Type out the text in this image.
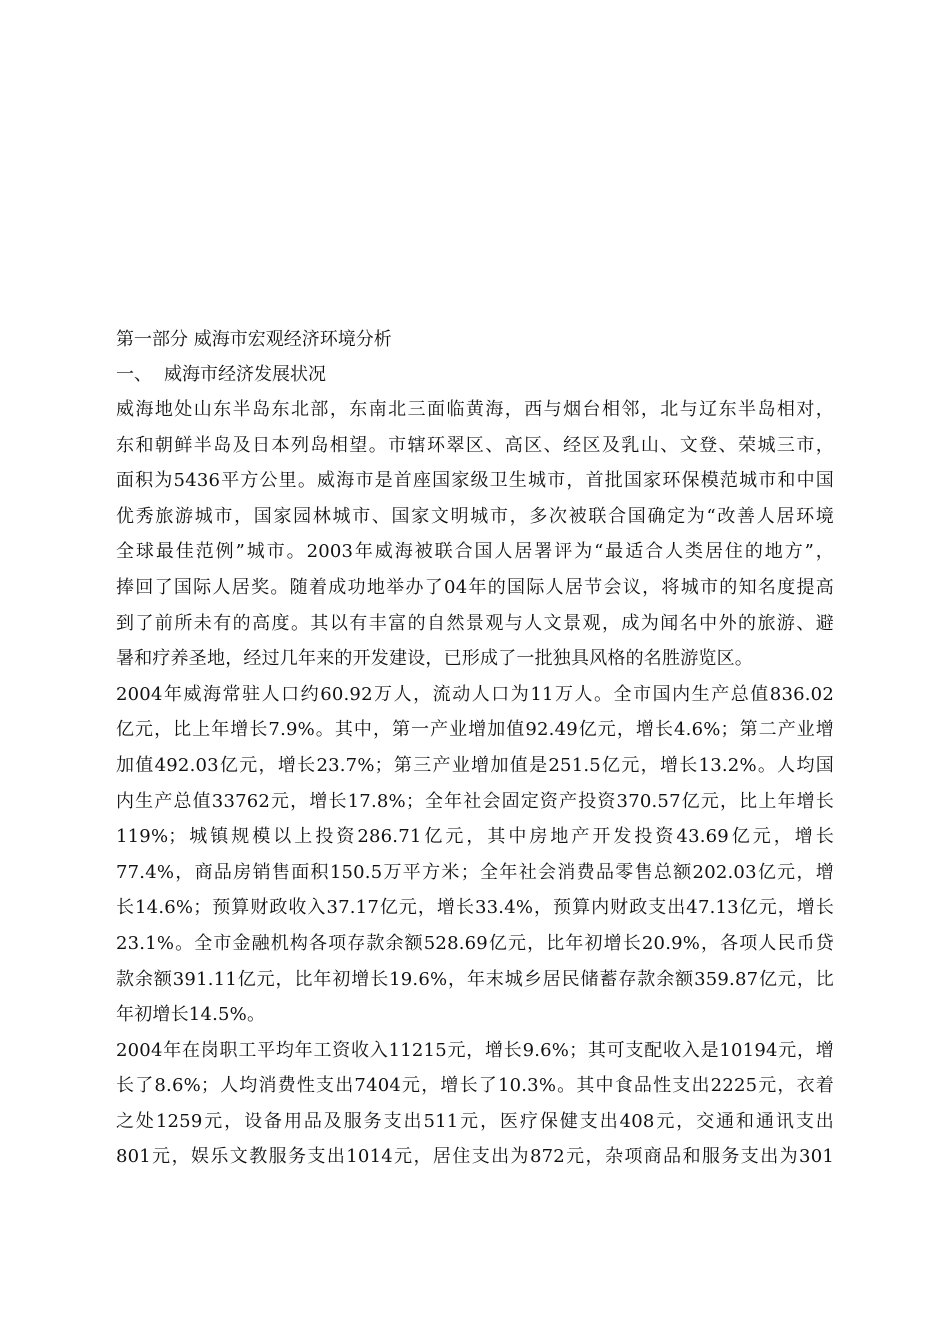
第一部分 威海市宏观经济环境分析
一、 威海市经济发展状况
威海地处山东半岛东北部，东南北三面临黄海，西与烟台相邻，北与辽东半岛相对，
东和朝鲜半岛及日本列岛相望。市辖环翠区、高区、经区及乳山、文登、荣城三市，
面积为5436平方公里。威海市是首座国家级卫生城市，首批国家环保模范城市和中国
优秀旅游城市，国家园林城市、国家文明城市，多次被联合国确定为“改善人居环境
全球最佳范例”城市。2003年威海被联合国人居署评为“最适合人类居住的地方”，
捧回了国际人居奖。随着成功地举办了04年的国际人居节会议，将城市的知名度提高
到了前所未有的高度。其以有丰富的自然景观与人文景观，成为闻名中外的旅游、避
暑和疗养圣地，经过几年来的开发建设，已形成了一批独具风格的名胜游览区。
2004年威海常驻人口约60.92万人，流动人口为11万人。全市国内生产总值836.02
亿元，比上年增长7.9%。其中，第一产业增加值92.49亿元，增长4.6%；第二产业增
加值492.03亿元，增长23.7%；第三产业增加值是251.5亿元，增长13.2%。人均国
内生产总值33762元，增长17.8%；全年社会固定资产投资370.57亿元，比上年增长
119%；城镇规模以上投资286.71亿元，其中房地产开发投资43.69亿元，增长
77.4%，商品房销售面积150.5万平方米；全年社会消费品零售总额202.03亿元，增
长14.6%；预算财政收入37.17亿元，增长33.4%，预算内财政支出47.13亿元，增长
23.1%。全市金融机构各项存款余额528.69亿元，比年初增长20.9%，各项人民币贷
款余额391.11亿元，比年初增长19.6%，年末城乡居民储蓄存款余额359.87亿元，比
年初增长14.5%。
2004年在岗职工平均年工资收入11215元，增长9.6%；其可支配收入是10194元，增
长了8.6%；人均消费性支出7404元，增长了10.3%。其中食品性支出2225元，衣着
之处1259元，设备用品及服务支出511元，医疗保健支出408元，交通和通讯支出
801元，娱乐文教服务支出1014元，居住支出为872元，杂项商品和服务支出为301
